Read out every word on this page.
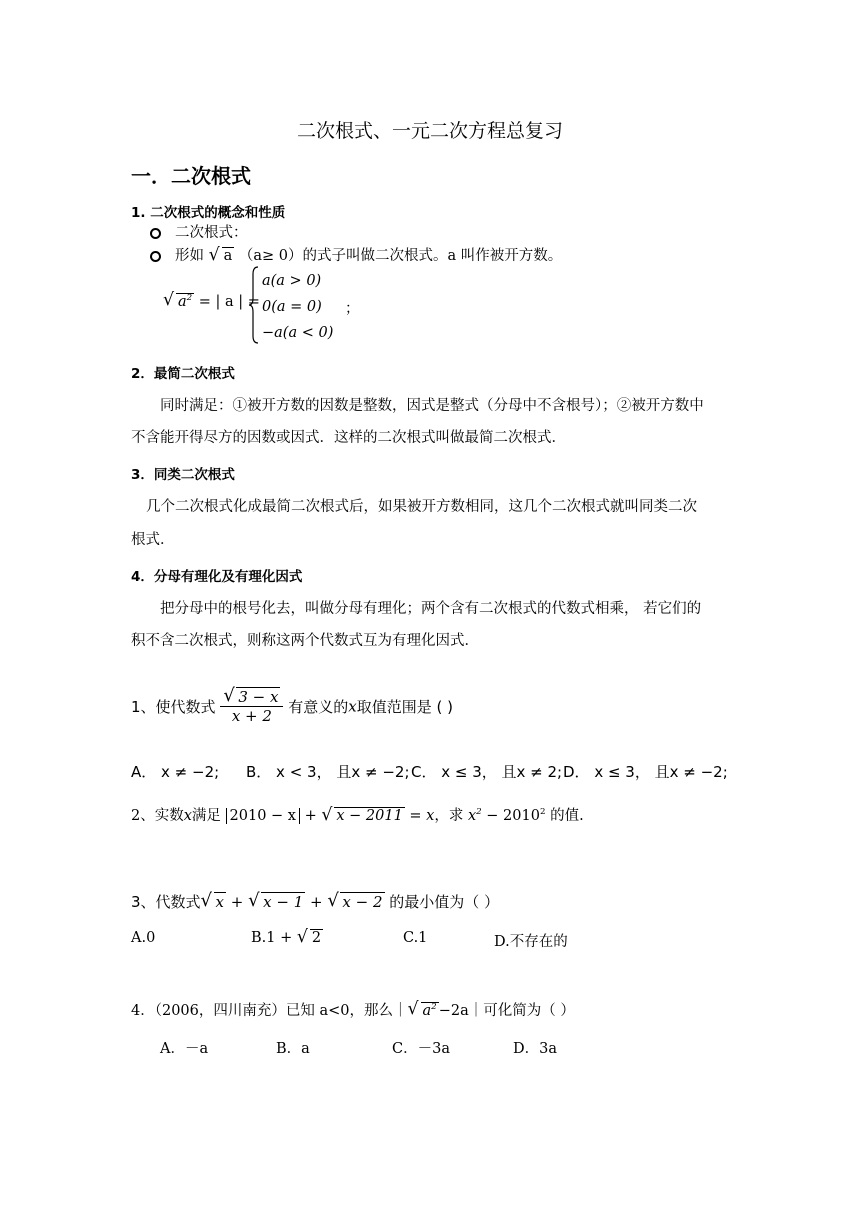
二次根式、一元二次方程总复习
一．二次根式
1. 二次根式的概念和性质
二次根式：
形如 √ a （a≥ 0）的式子叫做二次根式。a 叫作被开方数。
√ $a^2$ = | a | =
a(a > 0)
0(a = 0)
−a(a < 0)
；
2．最简二次根式
同时满足：①被开方数的因数是整数，因式是整式（分母中不含根号）；②被开方数中
不含能开得尽方的因数或因式．这样的二次根式叫做最简二次根式．
3．同类二次根式
几个二次根式化成最简二次根式后，如果被开方数相同，这几个二次根式就叫同类二次
根式．
4．分母有理化及有理化因式
把分母中的根号化去，叫做分母有理化；两个含有二次根式的代数式相乘， 若它们的
积不含二次根式，则称这两个代数式互为有理化因式．
1、使代数式 $\frac{√ 3 - x}{x + 2}$ 有意义的x取值范围是 ( )
A． x ≠ −2; B． x < 3， 且x ≠ −2; C． x ≤ 3， 且x ≠ 2; D． x ≤ 3， 且x ≠ −2;
2、实数x满足 2010 − x + √ x − 2011 = x，求 $x^2 - 2010^2$ 的值.
3、代数式 √ x + √ x − 1 + √ x − 2 的最小值为（ ）
A.0	B.1 + √ 2	C.1	D.不存在的
4．（2006，四川南充）已知 a<0，那么｜ √ $a^2$ −2a｜可化简为（ ）
A．－a	B．a	C．－3a	D．3a
